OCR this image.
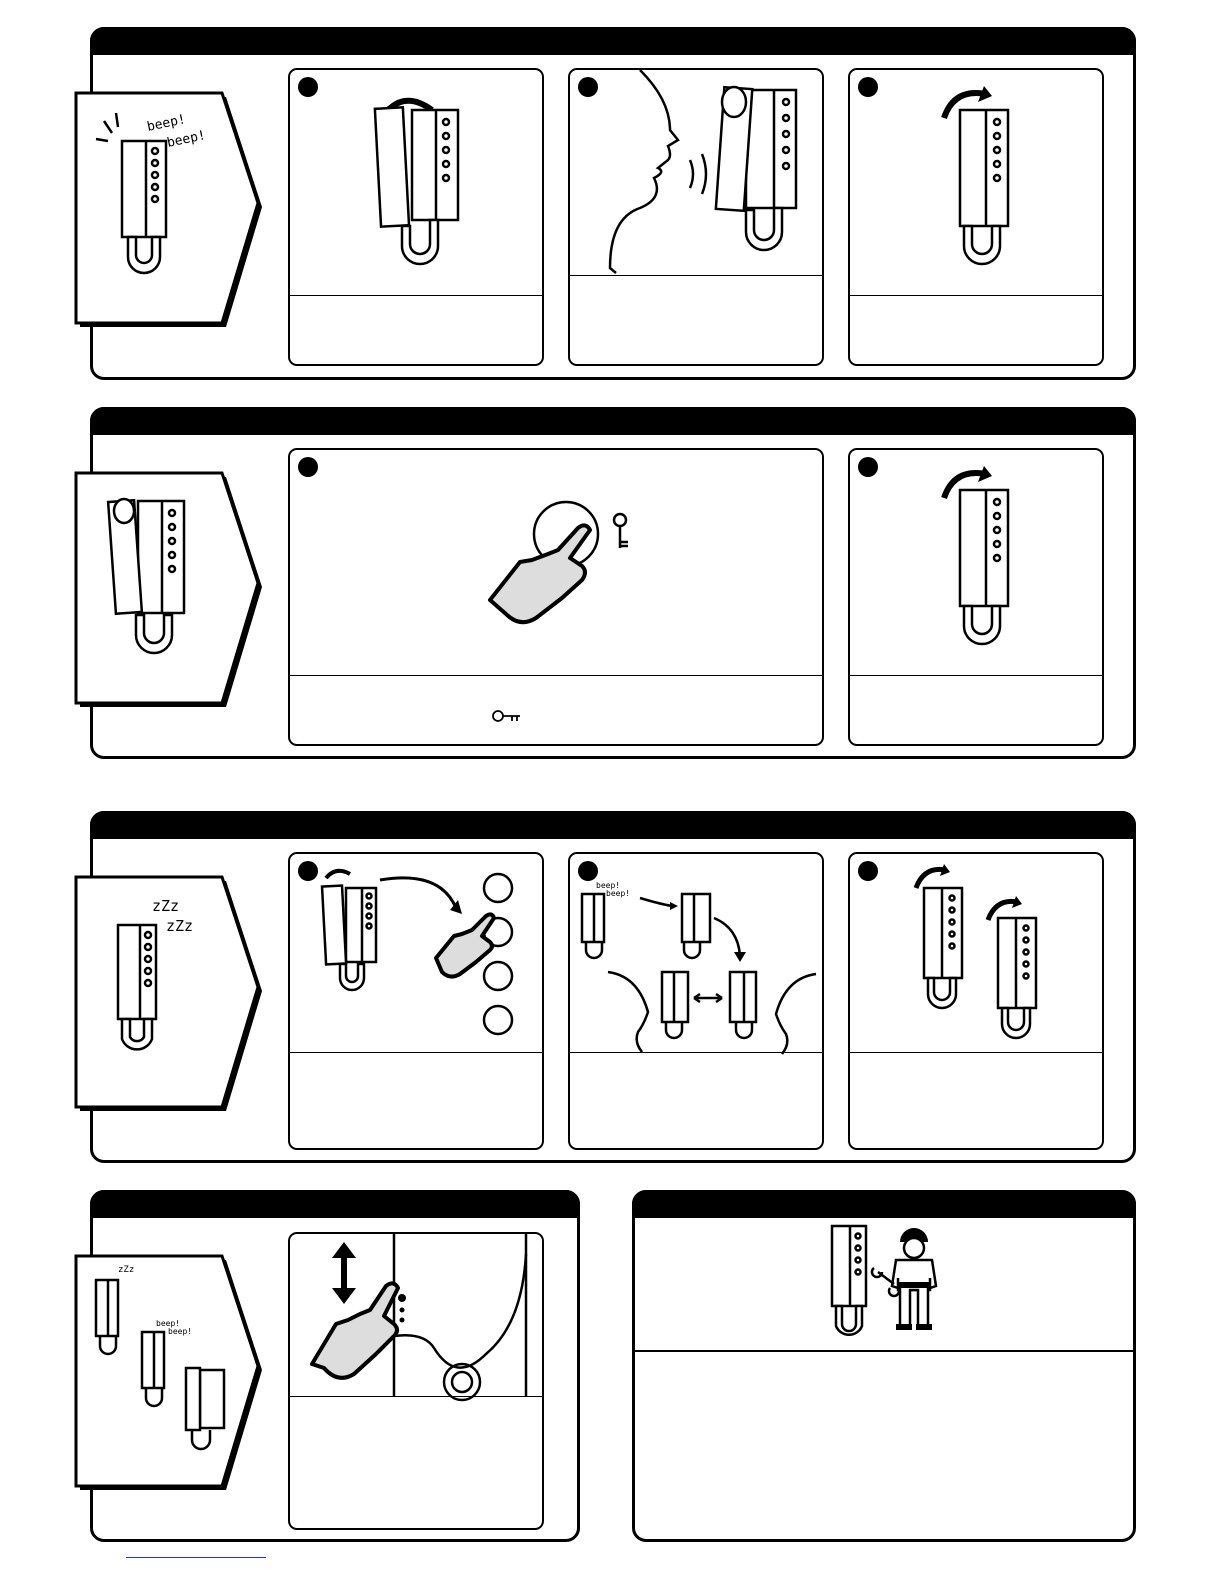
beep!
beep!
zZz
zZz
beep!
beep!
zZz
beep!
beep!
